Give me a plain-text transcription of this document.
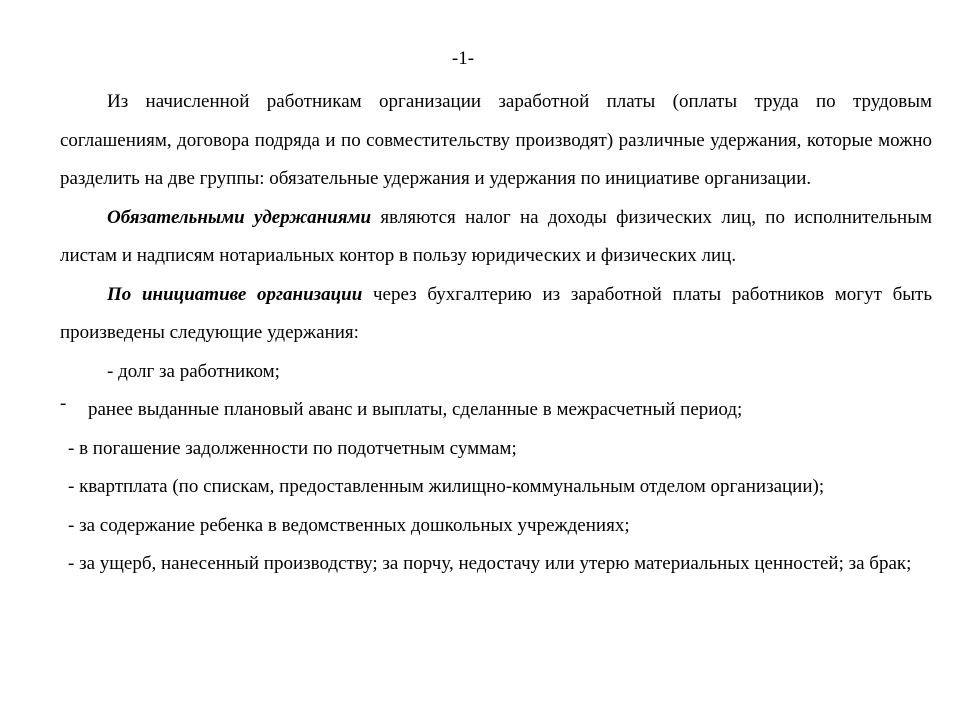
-1-

Из начисленной работникам организации заработной платы (оплаты труда по трудовым соглашениям, договора подряда и по совместительству производят) различные удержания, которые можно разделить на две группы: обязательные удержания и удержания по инициативе организации.

Обязательными удержаниями являются налог на доходы физических лиц, по исполнительным листам и надписям нотариальных контор в пользу юридических и физических лиц.

По инициативе организации через бухгалтерию из заработной платы работников могут быть произведены следующие удержания:

- долг за работником;

- ранее выданные плановый аванс и выплаты, сделанные в межрасчетный период;

- в погашение задолженности по подотчетным суммам;

- квартплата (по спискам, предоставленным жилищно-коммунальным отделом организации);

- за содержание ребенка в ведомственных дошкольных учреждениях;

- за ущерб, нанесенный производству; за порчу, недостачу или утерю материальных ценностей; за брак;
